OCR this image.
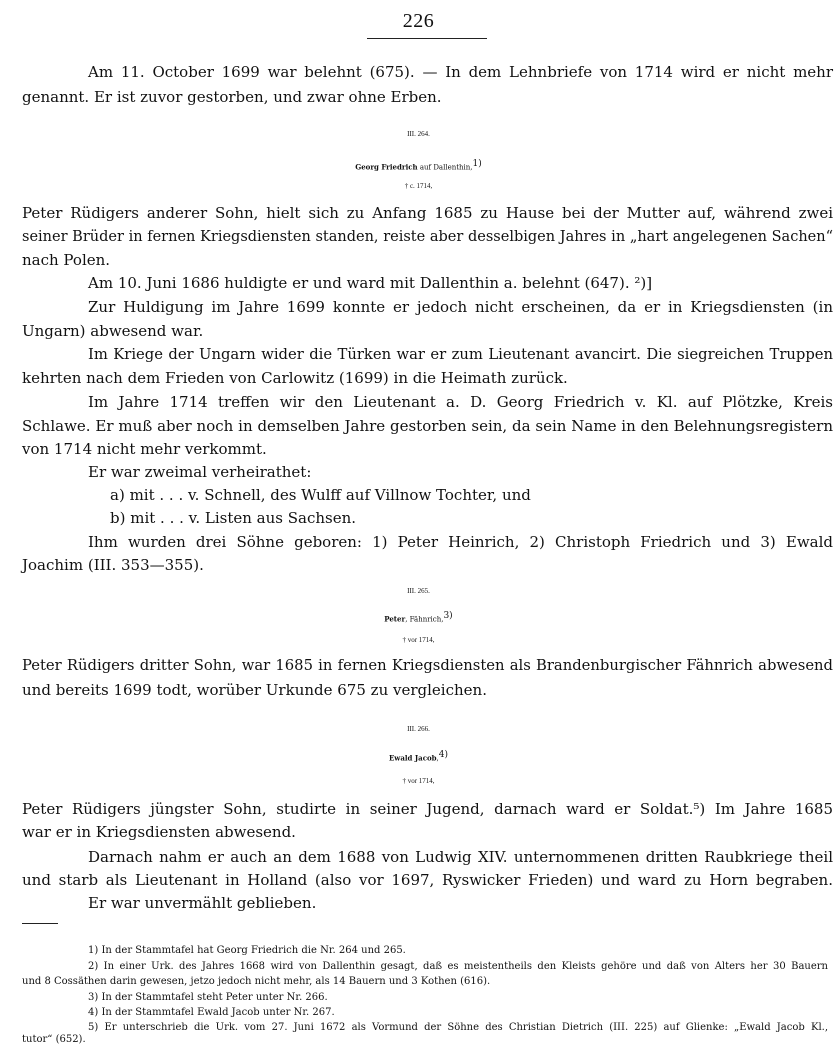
226
Am 11. October 1699 war belehnt (675). — In dem Lehnbriefe von 1714 wird er nicht mehr
genannt. Er ist zuvor gestorben, und zwar ohne Erben.
III. 264.
Georg Friedrich auf Dallenthin,$^{1)}$
† c. 1714,
Peter Rüdigers anderer Sohn, hielt sich zu Anfang 1685 zu Hause bei der Mutter auf, während zwei
seiner Brüder in fernen Kriegsdiensten standen, reiste aber desselbigen Jahres in „hart angelegenen Sachen“
nach Polen.
Am 10. Juni 1686 huldigte er und ward mit Dallenthin a. belehnt (647). ²)]
Zur Huldigung im Jahre 1699 konnte er jedoch nicht erscheinen, da er in Kriegsdiensten (in
Ungarn) abwesend war.
Im Kriege der Ungarn wider die Türken war er zum Lieutenant avancirt. Die siegreichen Truppen
kehrten nach dem Frieden von Carlowitz (1699) in die Heimath zurück.
Im Jahre 1714 treffen wir den Lieutenant a. D. Georg Friedrich v. Kl. auf Plötzke, Kreis
Schlawe. Er muß aber noch in demselben Jahre gestorben sein, da sein Name in den Belehnungsregistern
von 1714 nicht mehr verkommt.
Er war zweimal verheirathet:
a) mit . . . v. Schnell, des Wulff auf Villnow Tochter, und
b) mit . . . v. Listen aus Sachsen.
Ihm wurden drei Söhne geboren: 1) Peter Heinrich, 2) Christoph Friedrich und 3) Ewald
Joachim (III. 353—355).
III. 265.
Peter, Fähnrich,$^{3)}$
† vor 1714,
Peter Rüdigers dritter Sohn, war 1685 in fernen Kriegsdiensten als Brandenburgischer Fähnrich abwesend
und bereits 1699 todt, worüber Urkunde 675 zu vergleichen.
III. 266.
Ewald Jacob,$^{4)}$
† vor 1714,
Peter Rüdigers jüngster Sohn, studirte in seiner Jugend, darnach ward er Soldat.⁵) Im Jahre 1685
war er in Kriegsdiensten abwesend.
Darnach nahm er auch an dem 1688 von Ludwig XIV. unternommenen dritten Raubkriege theil
und starb als Lieutenant in Holland (also vor 1697, Ryswicker Frieden) und ward zu Horn begraben.
Er war unvermählt geblieben.
1) In der Stammtafel hat Georg Friedrich die Nr. 264 und 265.
2) In einer Urk. des Jahres 1668 wird von Dallenthin gesagt, daß es meistentheils den Kleists gehöre und daß von Alters her 30 Bauern
und 8 Cossäthen darin gewesen, jetzo jedoch nicht mehr, als 14 Bauern und 3 Kothen (616).
3) In der Stammtafel steht Peter unter Nr. 266.
4) In der Stammtafel Ewald Jacob unter Nr. 267.
5) Er unterschrieb die Urk. vom 27. Juni 1672 als Vormund der Söhne des Christian Dietrich (III. 225) auf Glienke: „Ewald Jacob Kl.,
tutor“ (652).
